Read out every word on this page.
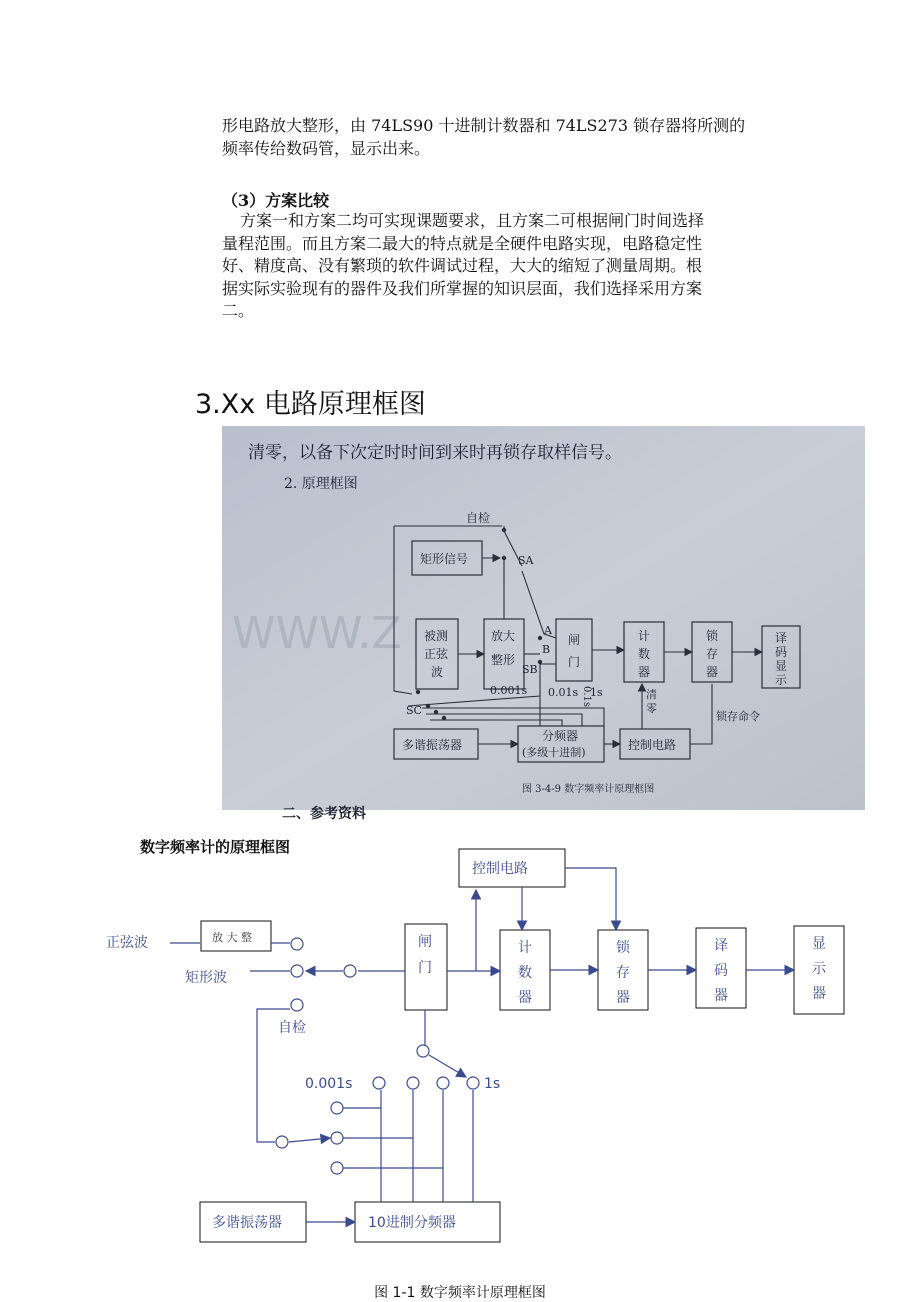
形电路放大整形，由 74LS90 十进制计数器和 74LS273 锁存器将所测的

频率传给数码管，显示出来。

（3）方案比较

方案一和方案二均可实现课题要求，且方案二可根据闸门时间选择

量程范围。而且方案二最大的特点就是全硬件电路实现，电路稳定性

好、精度高、没有繁琐的软件调试过程，大大的缩短了测量周期。根

据实际实验现有的器件及我们所掌握的知识层面，我们选择采用方案

二。

3.Xx 电路原理框图
清零，以备下次定时时间到来时再锁存取样信号。
2. 原理框图
WWW.Z
自检
矩形信号	SA
A
B
SB
SC
被测
正弦
波
放大
整形
闸
门
计
数
器
锁
存
器
译
码
显
示
0.001s 0.01s 0.1s
1s	清
零
多谐振荡器
分频器
(多级十进制)
控制电路
锁存命令
图 3-4-9 数字频率计原理框图
二、参考资料
数字频率计的原理框图
正弦波	放 大 整
矩形波
自检
控制电路
闸
门
计
数
器
锁
存
器
译
码
器
显
示
器
0.001s	1s
多谐振荡器	10进制分频器
图 1-1 数字频率计原理框图
